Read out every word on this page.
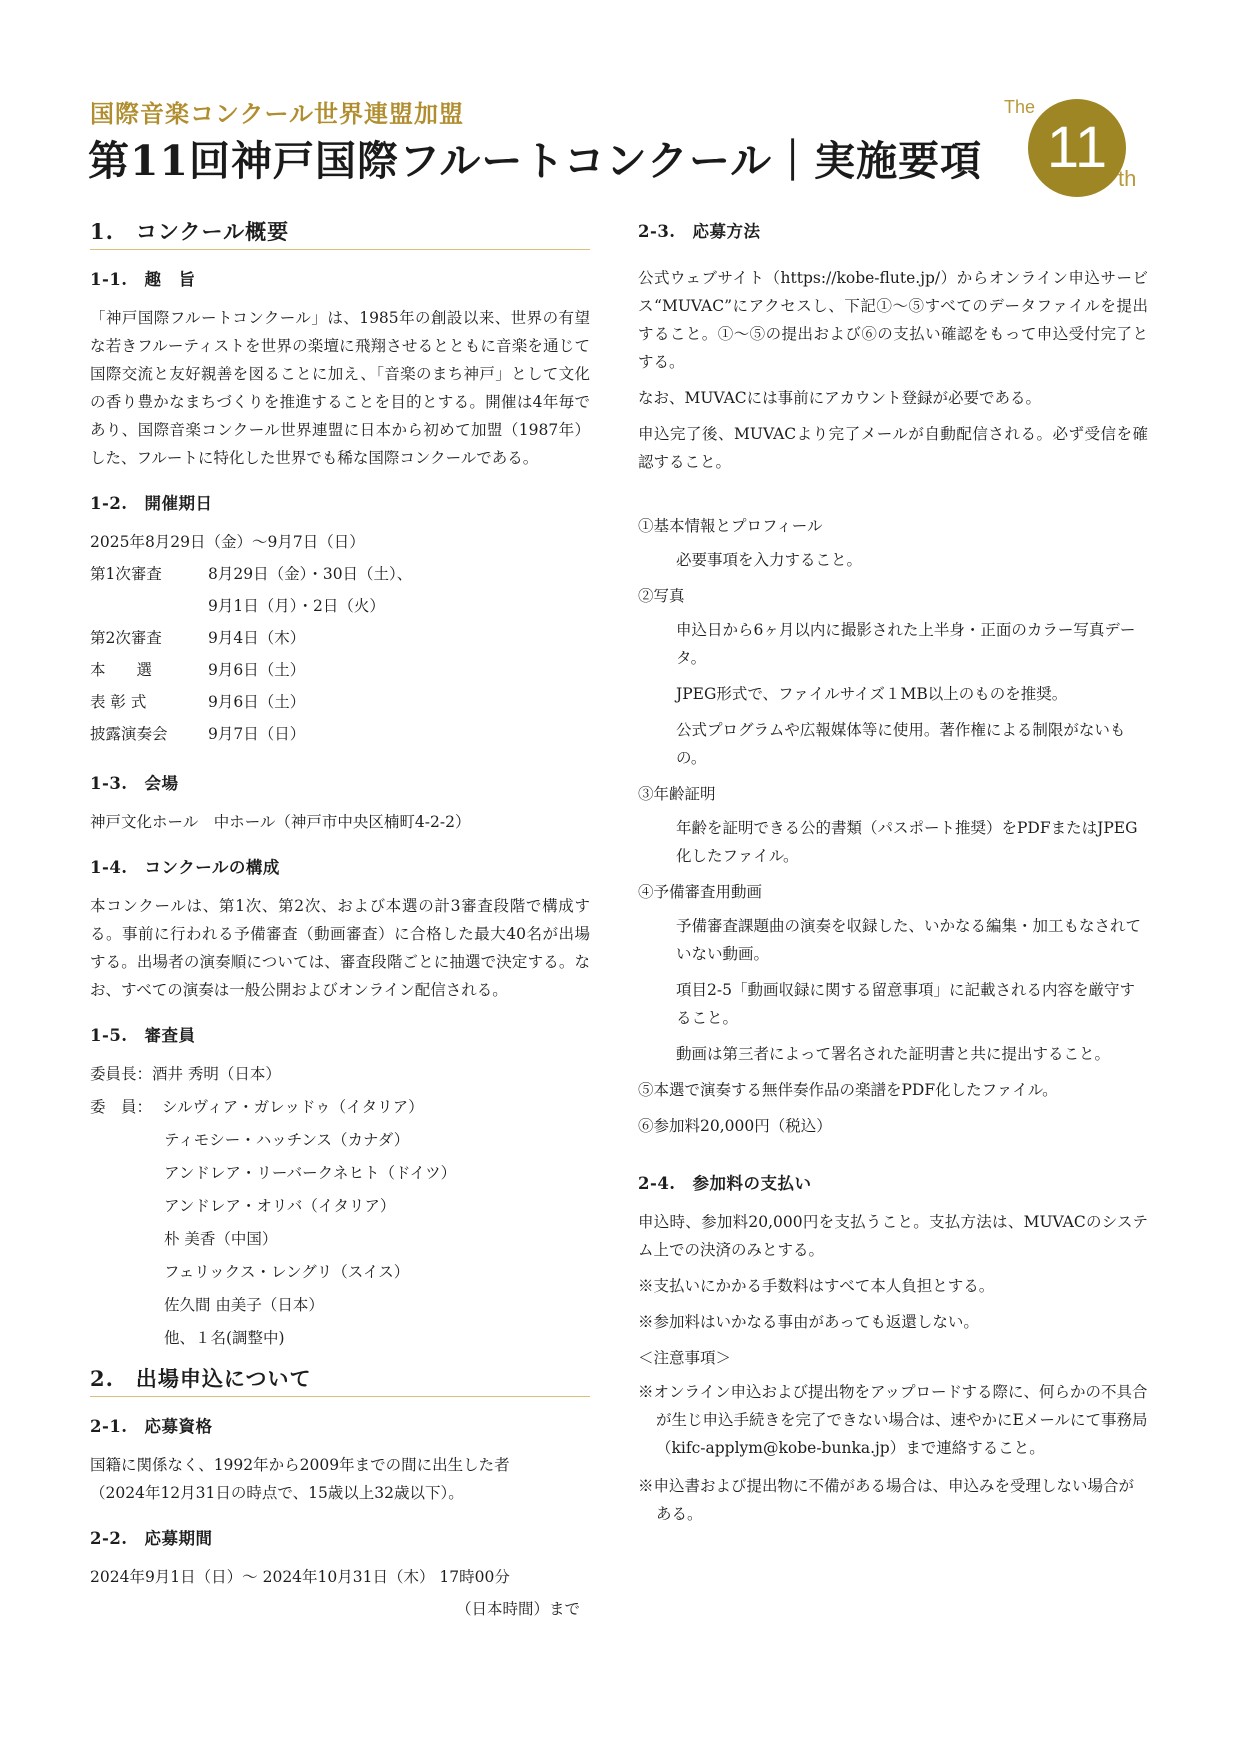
国際音楽コンクール世界連盟加盟
第11回神戸国際フルートコンクール｜実施要項
The
11 th
1.　コンクール概要
1-1.　趣　旨

「神戸国際フルートコンクール」は、1985年の創設以来、世界の有望な若きフルーティストを世界の楽壇に飛翔させるとともに音楽を通じて国際交流と友好親善を図ることに加え、「音楽のまち神戸」として文化の香り豊かなまちづくりを推進することを目的とする。開催は4年毎であり、国際音楽コンクール世界連盟に日本から初めて加盟（1987年）した、フルートに特化した世界でも稀な国際コンクールである。

1-2.　開催期日
2025年8月29日（金）～9月7日（日）
第1次審査	8月29日（金）・30日（土）、
9月1日（月）・2日（火）
第2次審査	9月4日（木）
本　　選	9月6日（土）
表 彰 式	9月6日（土）
披露演奏会	9月7日（日）
1-3.　会場
神戸文化ホール　中ホール（神戸市中央区楠町4-2-2）
1-4.　コンクールの構成

本コンクールは、第1次、第2次、および本選の計3審査段階で構成する。事前に行われる予備審査（動画審査）に合格した最大40名が出場する。出場者の演奏順については、審査段階ごとに抽選で決定する。なお、すべての演奏は一般公開およびオンライン配信される。

1-5.　審査員
委員長：酒井 秀明（日本）
委　員： シルヴィア・ガレッドゥ（イタリア）
ティモシー・ハッチンス（カナダ）
アンドレア・リーバークネヒト（ドイツ）
アンドレア・オリバ（イタリア）
朴 美香（中国）
フェリックス・レングリ（スイス）
佐久間 由美子（日本）
他、１名(調整中)
2.　出場申込について
2-1.　応募資格
国籍に関係なく、1992年から2009年までの間に出生した者
（2024年12月31日の時点で、15歳以上32歳以下）。
2-2.　応募期間
2024年9月1日（日）～ 2024年10月31日（木） 17時00分
（日本時間）まで
2-3.　応募方法

公式ウェブサイト（https://kobe-flute.jp/）からオンライン申込サービス“MUVAC”にアクセスし、下記①～⑤すべてのデータファイルを提出すること。①～⑤の提出および⑥の支払い確認をもって申込受付完了とする。

なお、MUVACには事前にアカウント登録が必要である。

申込完了後、MUVACより完了メールが自動配信される。必ず受信を確認すること。

①基本情報とプロフィール
必要事項を入力すること。
②写真
申込日から6ヶ月以内に撮影された上半身・正面のカラー写真データ。
JPEG形式で、ファイルサイズ１MB以上のものを推奨。
公式プログラムや広報媒体等に使用。著作権による制限がないもの。
③年齢証明
年齢を証明できる公的書類（パスポート推奨）をPDFまたはJPEG化したファイル。
④予備審査用動画
予備審査課題曲の演奏を収録した、いかなる編集・加工もなされていない動画。
項目2-5「動画収録に関する留意事項」に記載される内容を厳守すること。
動画は第三者によって署名された証明書と共に提出すること。
⑤本選で演奏する無伴奏作品の楽譜をPDF化したファイル。
⑥参加料20,000円（税込）
2-4.　参加料の支払い

申込時、参加料20,000円を支払うこと。支払方法は、MUVACのシステム上での決済のみとする。

※支払いにかかる手数料はすべて本人負担とする。

※参加料はいかなる事由があっても返還しない。

＜注意事項＞
※オンライン申込および提出物をアップロードする際に、何らかの不具合が生じ申込手続きを完了できない場合は、速やかにEメールにて事務局（kifc-applym@kobe-bunka.jp）まで連絡すること。
※申込書および提出物に不備がある場合は、申込みを受理しない場合がある。
